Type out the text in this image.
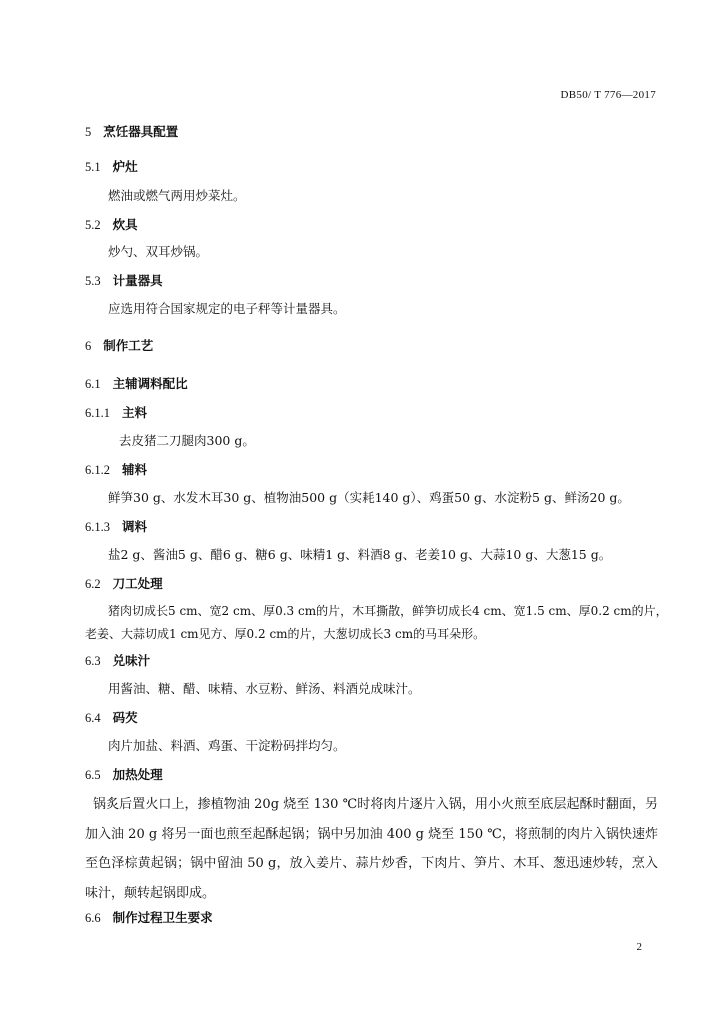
DB50/ T 776—2017
5 烹饪器具配置
5.1 炉灶
燃油或燃气两用炒菜灶。
5.2 炊具
炒勺、双耳炒锅。
5.3 计量器具
应选用符合国家规定的电子秤等计量器具。
6 制作工艺
6.1 主辅调料配比
6.1.1 主料
去皮猪二刀腿肉300 g。
6.1.2 辅料
鲜笋30 g、水发木耳30 g、植物油500 g（实耗140 g）、鸡蛋50 g、水淀粉5 g、鲜汤20 g。
6.1.3 调料
盐2 g、酱油5 g、醋6 g、糖6 g、味精1 g、料酒8 g、老姜10 g、大蒜10 g、大葱15 g。
6.2 刀工处理
猪肉切成长5 cm、宽2 cm、厚0.3 cm的片，木耳撕散，鲜笋切成长4 cm、宽1.5 cm、厚0.2 cm的片，
老姜、大蒜切成1 cm见方、厚0.2 cm的片，大葱切成长3 cm的马耳朵形。
6.3 兑味汁
用酱油、糖、醋、味精、水豆粉、鲜汤、料酒兑成味汁。
6.4 码芡
肉片加盐、料酒、鸡蛋、干淀粉码拌均匀。
6.5 加热处理
锅炙后置火口上，掺植物油 20g 烧至 130 ℃时将肉片逐片入锅，用小火煎至底层起酥时翻面，另加入油 20 g 将另一面也煎至起酥起锅；锅中另加油 400 g 烧至 150 ℃，将煎制的肉片入锅快速炸至色泽棕黄起锅；锅中留油 50 g，放入姜片、蒜片炒香，下肉片、笋片、木耳、葱迅速炒转，烹入味汁，颠转起锅即成。
6.6 制作过程卫生要求
2
